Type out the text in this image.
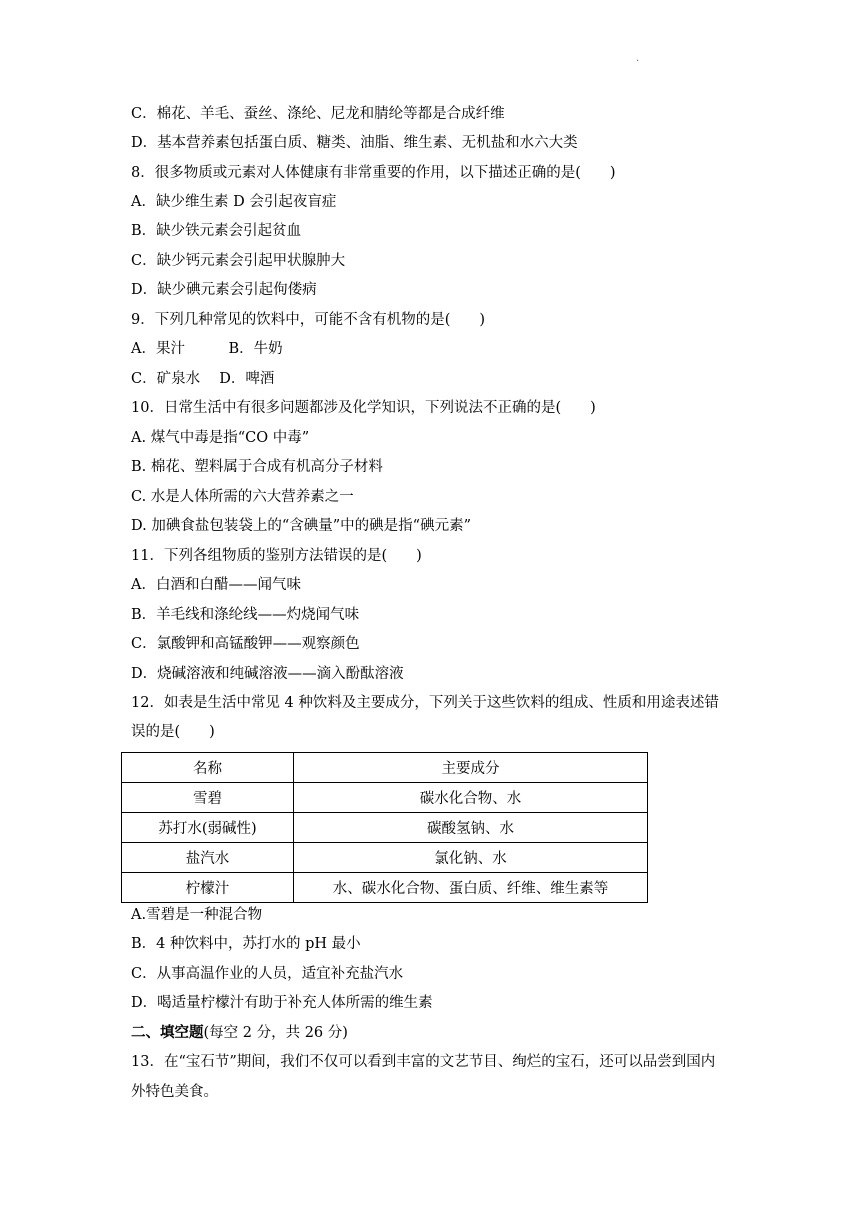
·
C．棉花、羊毛、蚕丝、涤纶、尼龙和腈纶等都是合成纤维
D．基本营养素包括蛋白质、糖类、油脂、维生素、无机盐和水六大类
8．很多物质或元素对人体健康有非常重要的作用，以下描述正确的是(　　)
A．缺少维生素 D 会引起夜盲症
B．缺少铁元素会引起贫血
C．缺少钙元素会引起甲状腺肿大
D．缺少碘元素会引起佝偻病
9．下列几种常见的饮料中，可能不含有机物的是(　　)
A．果汁　　　B．牛奶
C．矿泉水　 D．啤酒
10．日常生活中有很多问题都涉及化学知识，下列说法不正确的是(　　)
A. 煤气中毒是指“CO 中毒”
B. 棉花、塑料属于合成有机高分子材料
C. 水是人体所需的六大营养素之一
D. 加碘食盐包装袋上的“含碘量”中的碘是指“碘元素”
11．下列各组物质的鉴别方法错误的是(　　)
A．白酒和白醋——闻气味
B．羊毛线和涤纶线——灼烧闻气味
C．氯酸钾和高锰酸钾——观察颜色
D．烧碱溶液和纯碱溶液——滴入酚酞溶液
12．如表是生活中常见 4 种饮料及主要成分，下列关于这些饮料的组成、性质和用途表述错
误的是(　　)
名称	主要成分
雪碧	碳水化合物、水
苏打水(弱碱性)	碳酸氢钠、水
盐汽水	氯化钠、水
柠檬汁	水、碳水化合物、蛋白质、纤维、维生素等
A.雪碧是一种混合物
B．4 种饮料中，苏打水的 pH 最小
C．从事高温作业的人员，适宜补充盐汽水
D．喝适量柠檬汁有助于补充人体所需的维生素
二、填空题(每空 2 分，共 26 分)
13．在“宝石节”期间，我们不仅可以看到丰富的文艺节目、绚烂的宝石，还可以品尝到国内
外特色美食。
